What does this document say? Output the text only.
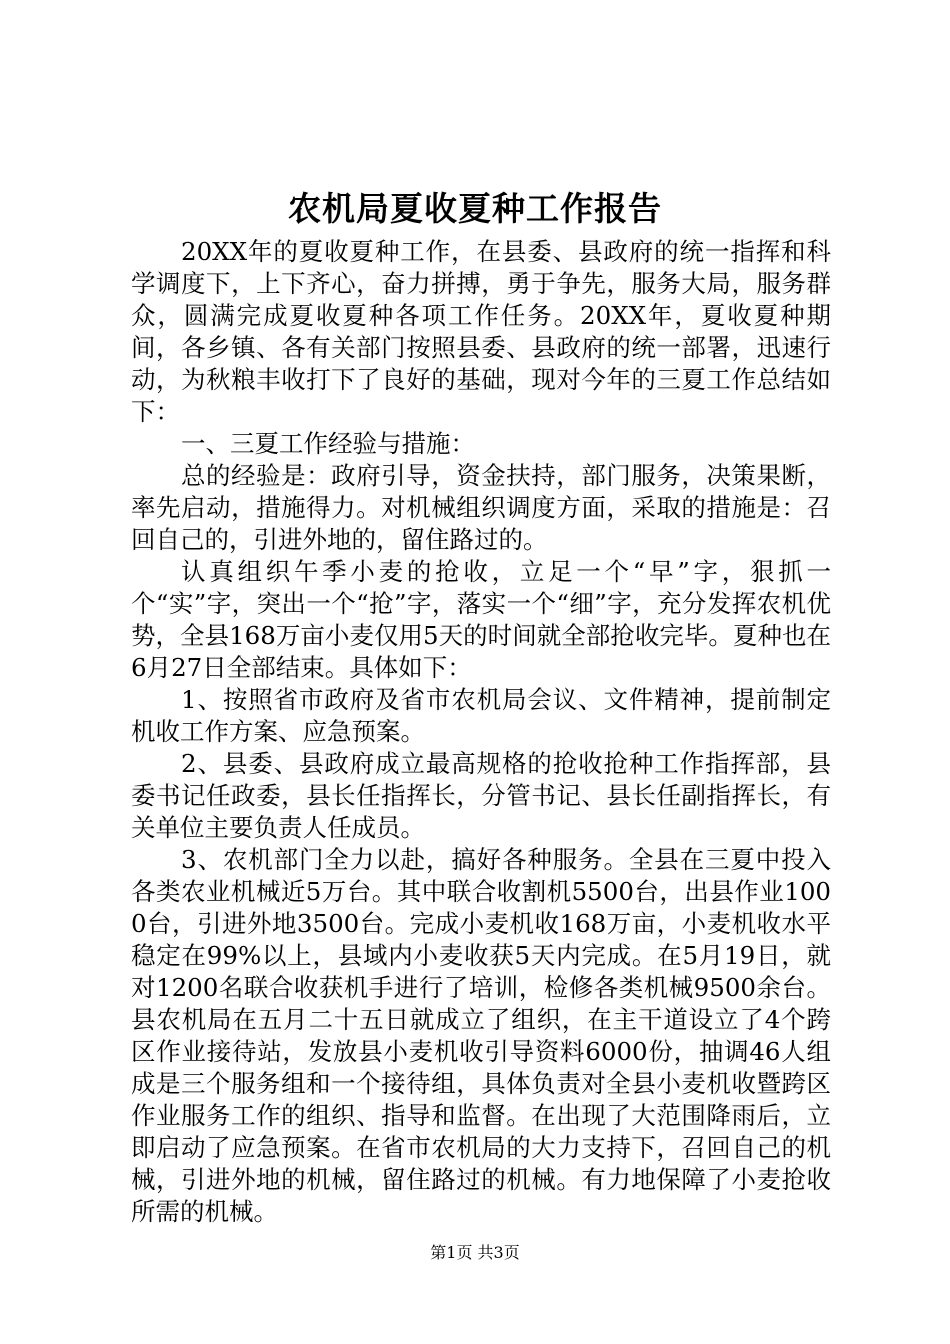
农机局夏收夏种工作报告

20XX年的夏收夏种工作，在县委、县政府的统一指挥和科学调度下，上下齐心，奋力拼搏，勇于争先，服务大局，服务群众，圆满完成夏收夏种各项工作任务。20XX年，夏收夏种期间，各乡镇、各有关部门按照县委、县政府的统一部署，迅速行动，为秋粮丰收打下了良好的基础，现对今年的三夏工作总结如下：

一、三夏工作经验与措施：

总的经验是：政府引导，资金扶持，部门服务，决策果断，率先启动，措施得力。对机械组织调度方面，采取的措施是：召回自己的，引进外地的，留住路过的。

认真组织午季小麦的抢收，立足一个“早”字，狠抓一个“实”字，突出一个“抢”字，落实一个“细”字，充分发挥农机优势，全县168万亩小麦仅用5天的时间就全部抢收完毕。夏种也在6月27日全部结束。具体如下：

1、按照省市政府及省市农机局会议、文件精神，提前制定机收工作方案、应急预案。

2、县委、县政府成立最高规格的抢收抢种工作指挥部，县委书记任政委，县长任指挥长，分管书记、县长任副指挥长，有关单位主要负责人任成员。

3、农机部门全力以赴，搞好各种服务。全县在三夏中投入各类农业机械近5万台。其中联合收割机5500台，出县作业1000台，引进外地3500台。完成小麦机收168万亩，小麦机收水平稳定在99%以上，县域内小麦收获5天内完成。在5月19日，就对1200名联合收获机手进行了培训，检修各类机械9500余台。县农机局在五月二十五日就成立了组织，在主干道设立了4个跨区作业接待站，发放县小麦机收引导资料6000份，抽调46人组成是三个服务组和一个接待组，具体负责对全县小麦机收暨跨区作业服务工作的组织、指导和监督。在出现了大范围降雨后，立即启动了应急预案。在省市农机局的大力支持下，召回自己的机械，引进外地的机械，留住路过的机械。有力地保障了小麦抢收所需的机械。

第1页 共3页
